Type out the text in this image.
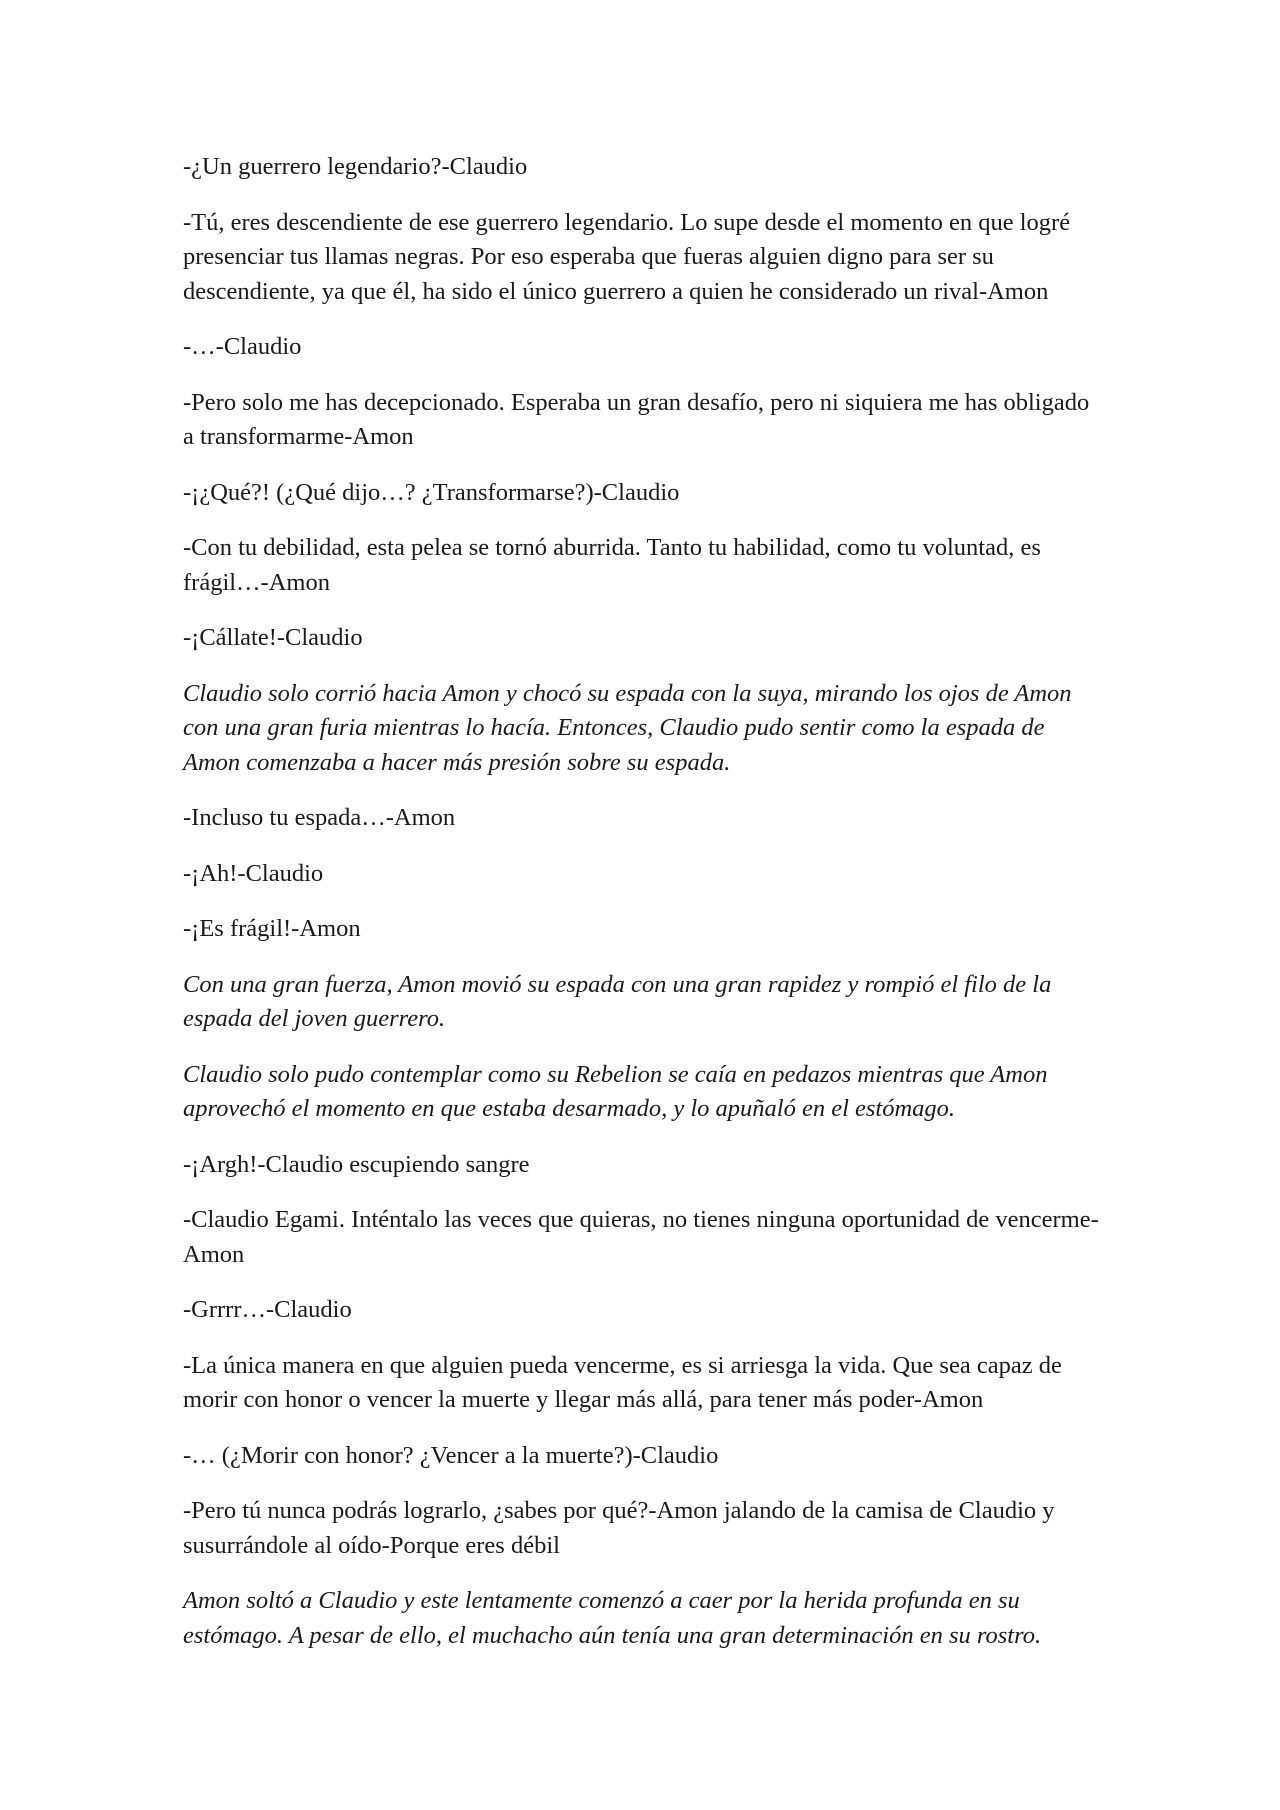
-¿Un guerrero legendario?-Claudio

-Tú, eres descendiente de ese guerrero legendario. Lo supe desde el momento en que logré presenciar tus llamas negras. Por eso esperaba que fueras alguien digno para ser su descendiente, ya que él, ha sido el único guerrero a quien he considerado un rival-Amon

-…-Claudio

-Pero solo me has decepcionado. Esperaba un gran desafío, pero ni siquiera me has obligado a transformarme-Amon

-¡¿Qué?! (¿Qué dijo…? ¿Transformarse?)-Claudio

-Con tu debilidad, esta pelea se tornó aburrida. Tanto tu habilidad, como tu voluntad, es frágil…-Amon

-¡Cállate!-Claudio

Claudio solo corrió hacia Amon y chocó su espada con la suya, mirando los ojos de Amon con una gran furia mientras lo hacía. Entonces, Claudio pudo sentir como la espada de Amon comenzaba a hacer más presión sobre su espada.

-Incluso tu espada…-Amon

-¡Ah!-Claudio

-¡Es frágil!-Amon

Con una gran fuerza, Amon movió su espada con una gran rapidez y rompió el filo de la espada del joven guerrero.

Claudio solo pudo contemplar como su Rebelion se caía en pedazos mientras que Amon aprovechó el momento en que estaba desarmado, y lo apuñaló en el estómago.

-¡Argh!-Claudio escupiendo sangre

-Claudio Egami. Inténtalo las veces que quieras, no tienes ninguna oportunidad de vencerme-Amon

-Grrrr…-Claudio

-La única manera en que alguien pueda vencerme, es si arriesga la vida. Que sea capaz de morir con honor o vencer la muerte y llegar más allá, para tener más poder-Amon

-… (¿Morir con honor? ¿Vencer a la muerte?)-Claudio

-Pero tú nunca podrás lograrlo, ¿sabes por qué?-Amon jalando de la camisa de Claudio y susurrándole al oído-Porque eres débil

Amon soltó a Claudio y este lentamente comenzó a caer por la herida profunda en su estómago. A pesar de ello, el muchacho aún tenía una gran determinación en su rostro.
